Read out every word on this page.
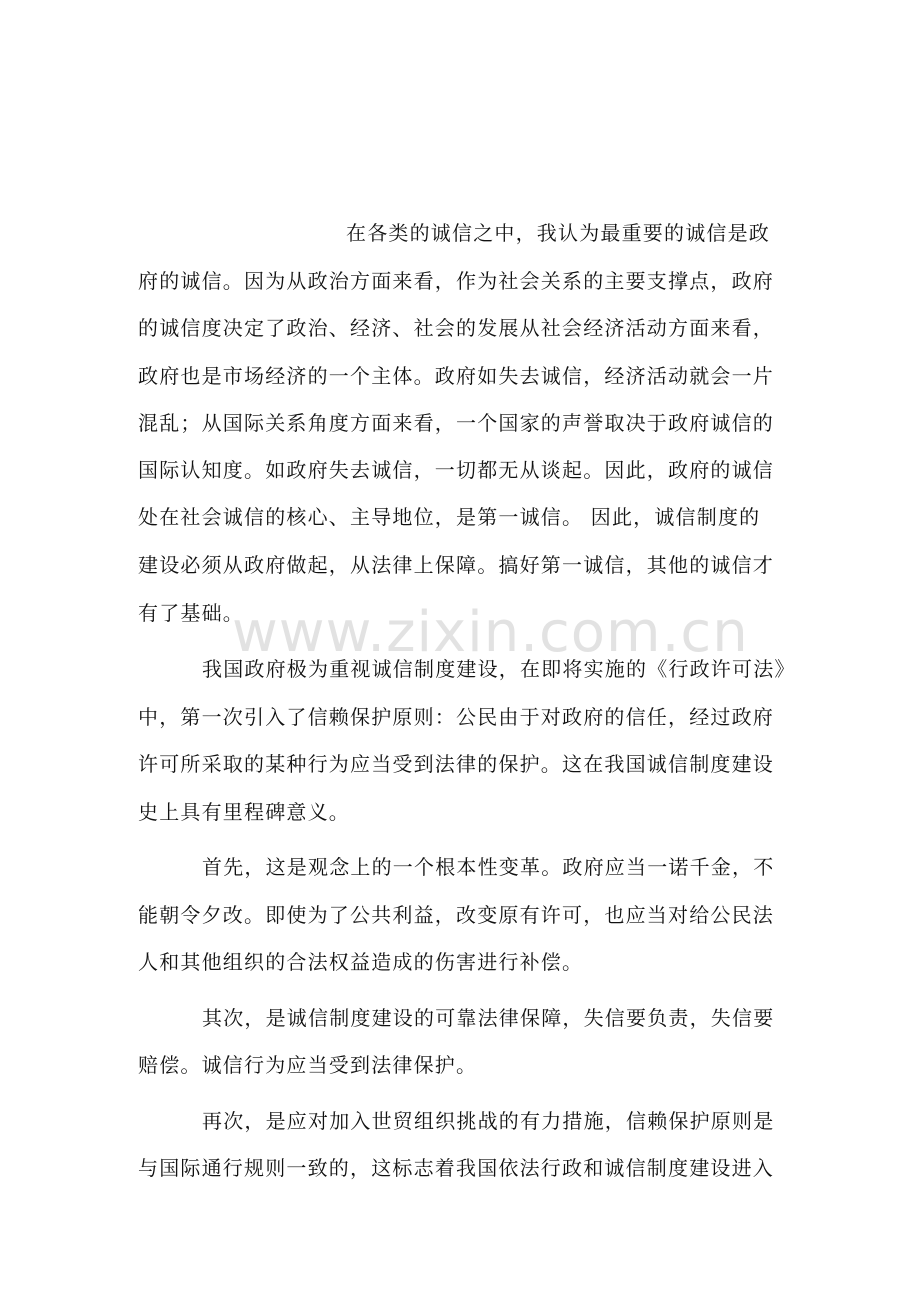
在各类的诚信之中，我认为最重要的诚信是政
府的诚信。因为从政治方面来看，作为社会关系的主要支撑点，政府
的诚信度决定了政治、经济、社会的发展从社会经济活动方面来看，
政府也是市场经济的一个主体。政府如失去诚信，经济活动就会一片
混乱；从国际关系角度方面来看，一个国家的声誉取决于政府诚信的
国际认知度。如政府失去诚信，一切都无从谈起。因此，政府的诚信
处在社会诚信的核心、主导地位，是第一诚信。 因此，诚信制度的
建设必须从政府做起，从法律上保障。搞好第一诚信，其他的诚信才
有了基础。
我国政府极为重视诚信制度建设，在即将实施的《行政许可法》
中，第一次引入了信赖保护原则：公民由于对政府的信任，经过政府
许可所采取的某种行为应当受到法律的保护。这在我国诚信制度建设
史上具有里程碑意义。
首先，这是观念上的一个根本性变革。政府应当一诺千金，不
能朝令夕改。即使为了公共利益，改变原有许可，也应当对给公民法
人和其他组织的合法权益造成的伤害进行补偿。
其次，是诚信制度建设的可靠法律保障，失信要负责，失信要
赔偿。诚信行为应当受到法律保护。
再次，是应对加入世贸组织挑战的有力措施，信赖保护原则是
与国际通行规则一致的，这标志着我国依法行政和诚信制度建设进入
www.zixin.com.cn
